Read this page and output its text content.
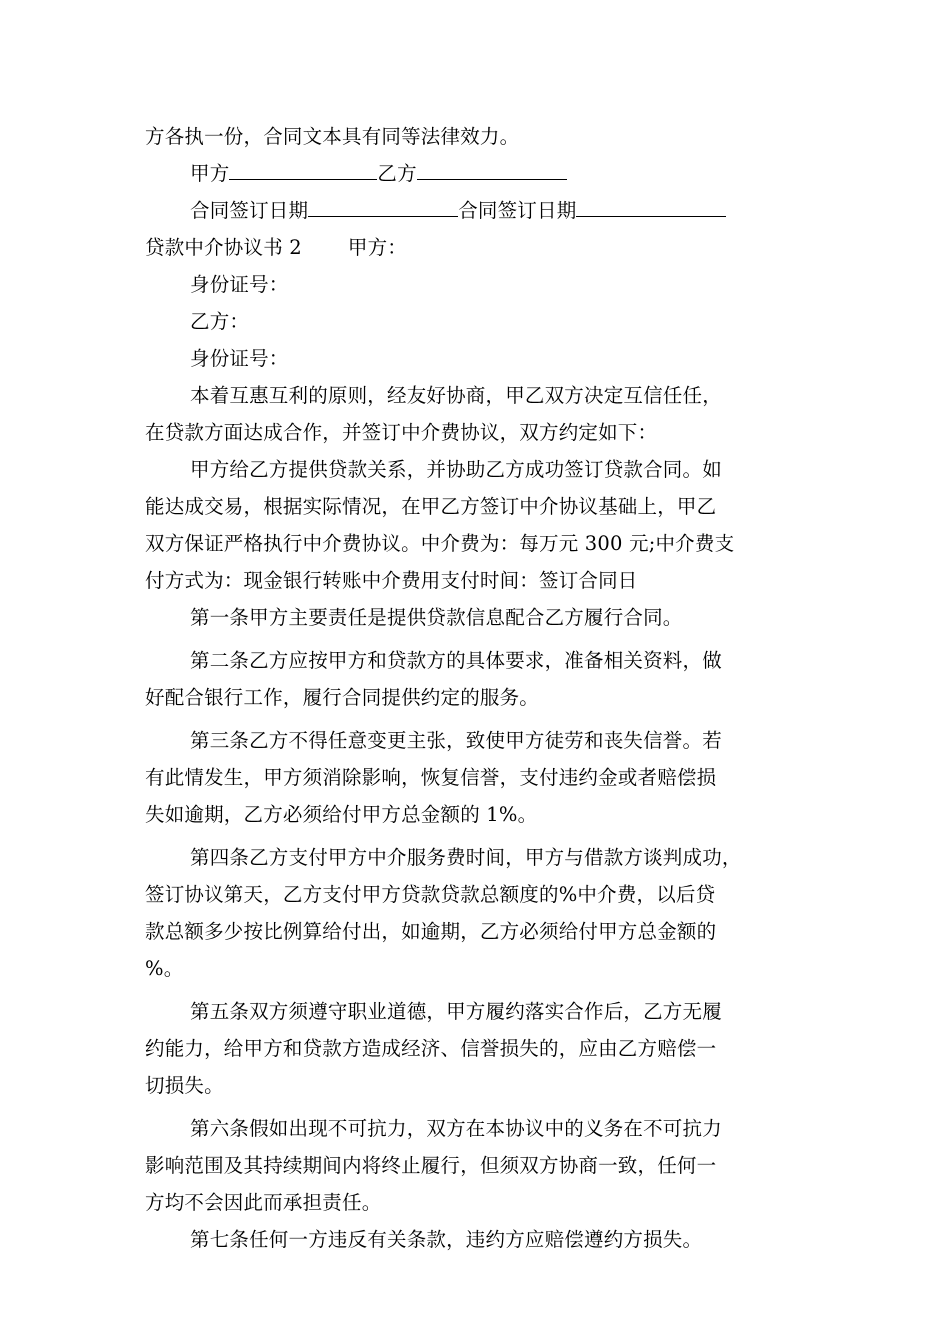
方各执一份，合同文本具有同等法律效力。
甲方	乙方
合同签订日期	合同签订日期
贷款中介协议书 2 甲方：
身份证号：
乙方：
身份证号：
本着互惠互利的原则，经友好协商，甲乙双方决定互信任任，
在贷款方面达成合作，并签订中介费协议，双方约定如下：
甲方给乙方提供贷款关系，并协助乙方成功签订贷款合同。如
能达成交易，根据实际情况，在甲乙方签订中介协议基础上，甲乙
双方保证严格执行中介费协议。中介费为：每万元 300 元;中介费支
付方式为：现金银行转账中介费用支付时间：签订合同日
第一条甲方主要责任是提供贷款信息配合乙方履行合同。
第二条乙方应按甲方和贷款方的具体要求，准备相关资料，做
好配合银行工作，履行合同提供约定的服务。
第三条乙方不得任意变更主张，致使甲方徒劳和丧失信誉。若
有此情发生，甲方须消除影响，恢复信誉，支付违约金或者赔偿损
失如逾期，乙方必须给付甲方总金额的 1%。
第四条乙方支付甲方中介服务费时间，甲方与借款方谈判成功，
签订协议第天，乙方支付甲方贷款贷款总额度的%中介费，以后贷
款总额多少按比例算给付出，如逾期，乙方必须给付甲方总金额的
%。
第五条双方须遵守职业道德，甲方履约落实合作后，乙方无履
约能力，给甲方和贷款方造成经济、信誉损失的，应由乙方赔偿一
切损失。
第六条假如出现不可抗力，双方在本协议中的义务在不可抗力
影响范围及其持续期间内将终止履行，但须双方协商一致，任何一
方均不会因此而承担责任。
第七条任何一方违反有关条款，违约方应赔偿遵约方损失。
